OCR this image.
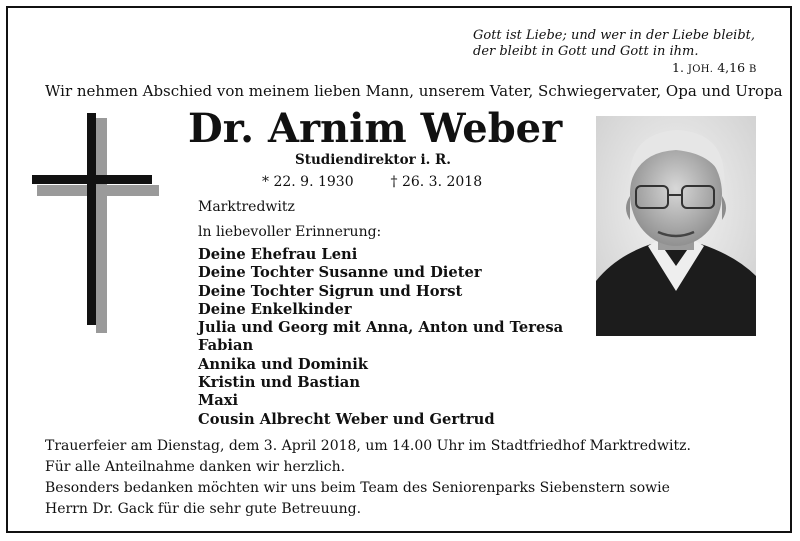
Gott ist Liebe; und wer in der Liebe bleibt,
der bleibt in Gott und Gott in ihm.
1. JOH. 4,16 B
Wir nehmen Abschied von meinem lieben Mann, unserem Vater, Schwiegervater, Opa und Uropa
Dr. Arnim Weber
Studiendirektor i. R.
* 22. 9. 1930	† 26. 3. 2018
Marktredwitz
ln liebevoller Erinnerung:
Deine Ehefrau Leni
Deine Tochter Susanne und Dieter
Deine Tochter Sigrun und Horst
Deine Enkelkinder
Julia und Georg mit Anna, Anton und Teresa
Fabian
Annika und Dominik
Kristin und Bastian
Maxi
Cousin Albrecht Weber und Gertrud
Trauerfeier am Dienstag, dem 3. April 2018, um 14.00 Uhr im Stadtfriedhof Marktredwitz.
Für alle Anteilnahme danken wir herzlich.
Besonders bedanken möchten wir uns beim Team des Seniorenparks Siebenstern sowie
Herrn Dr. Gack für die sehr gute Betreuung.
